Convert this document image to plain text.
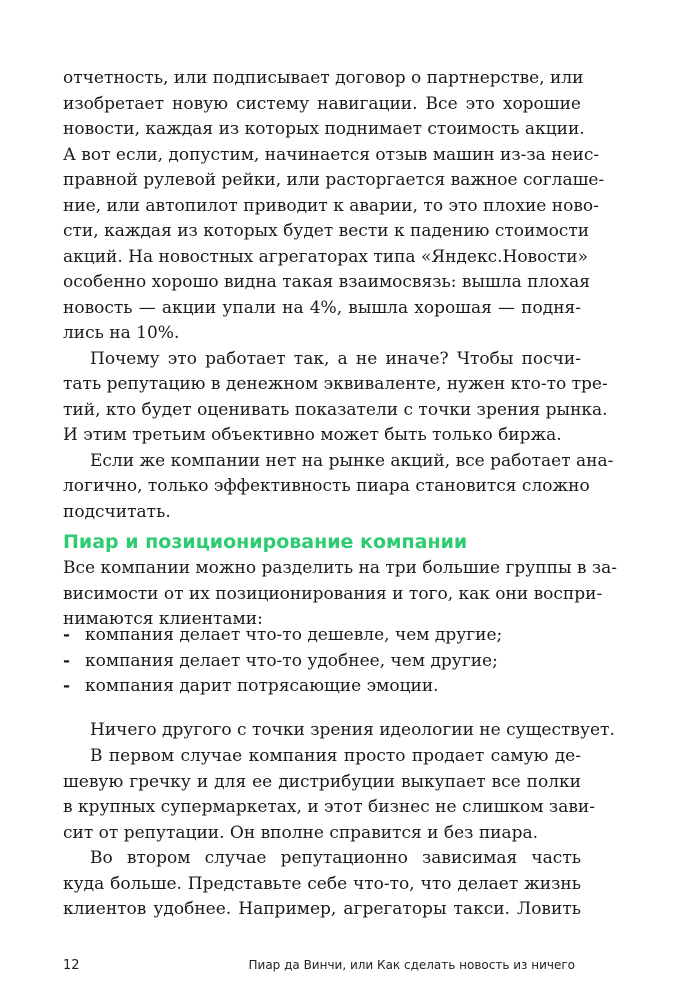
отчетность, или подписывает договор о партнерстве, или
изобретает новую систему навигации. Все это хорошие
новости, каждая из которых поднимает стоимость акции.
А вот если, допустим, начинается отзыв машин из-за неис-
правной рулевой рейки, или расторгается важное соглаше-
ние, или автопилот приводит к аварии, то это плохие ново-
сти, каждая из которых будет вести к падению стоимости
акций. На новостных агрегаторах типа «Яндекс.Новости»
особенно хорошо видна такая взаимосвязь: вышла плохая
новость — акции упали на 4%, вышла хорошая — подня-
лись на 10%.
Почему это работает так, а не иначе? Чтобы посчи-
тать репутацию в денежном эквиваленте, нужен кто-то тре-
тий, кто будет оценивать показатели с точки зрения рынка.
И этим третьим объективно может быть только биржа.
Если же компании нет на рынке акций, все работает ана-
логично, только эффективность пиара становится сложно
подсчитать.
Пиар и позиционирование компании
Все компании можно разделить на три большие группы в за-
висимости от их позиционирования и того, как они воспри-
нимаются клиентами:
- компания делает что-то дешевле, чем другие;
- компания делает что-то удобнее, чем другие;
- компания дарит потрясающие эмоции.
Ничего другого с точки зрения идеологии не существует.
В первом случае компания просто продает самую де-
шевую гречку и для ее дистрибуции выкупает все полки
в крупных супермаркетах, и этот бизнес не слишком зави-
сит от репутации. Он вполне справится и без пиара.
Во втором случае репутационно зависимая часть
куда больше. Представьте себе что-то, что делает жизнь
клиентов удобнее. Например, агрегаторы такси. Ловить
12	Пиар да Винчи, или Как сделать новость из ничего
